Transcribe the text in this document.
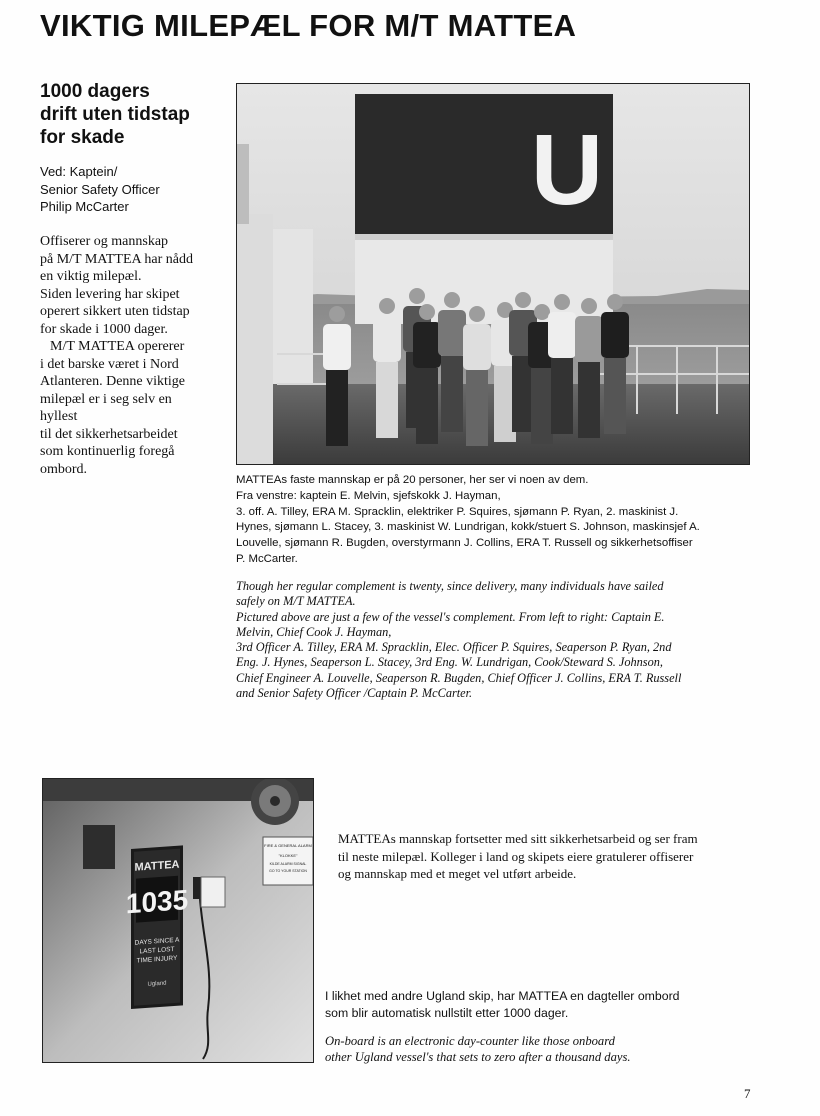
VIKTIG MILEPÆL FOR M/T MATTEA
1000 dagers
drift uten tidstap
for skade
Ved: Kaptein/
Senior Safety Officer
Philip McCarter
Offiserer og mannskap
på M/T MATTEA har nådd
en viktig milepæl.
Siden levering har skipet
operert sikkert uten tidstap
for skade i 1000 dager.
M/T MATTEA opererer
i det barske været i Nord
Atlanteren. Denne viktige
milepæl er i seg selv en
hyllest
til det sikkerhetsarbeidet
som kontinuerlig foregå
ombord.
U
MATTEAs faste mannskap er på 20 personer, her ser vi noen av dem.
Fra venstre: kaptein E. Melvin, sjefskokk J. Hayman,
3. off. A. Tilley, ERA M. Spracklin, elektriker P. Squires, sjømann P. Ryan, 2. maskinist J.
Hynes, sjømann L. Stacey, 3. maskinist W. Lundrigan, kokk/stuert S. Johnson, maskinsjef A.
Louvelle, sjømann R. Bugden, overstyrmann J. Collins, ERA T. Russell og sikkerhetsoffiser
P. McCarter.
Though her regular complement is twenty, since delivery, many individuals have sailed
safely on M/T MATTEA.
Pictured above are just a few of the vessel's complement. From left to right: Captain E.
Melvin, Chief Cook J. Hayman,
3rd Officer A. Tilley, ERA M. Spracklin, Elec. Officer P. Squires, Seaperson P. Ryan, 2nd
Eng. J. Hynes, Seaperson L. Stacey, 3rd Eng. W. Lundrigan, Cook/Steward S. Johnson,
Chief Engineer A. Louvelle, Seaperson R. Bugden, Chief Officer J. Collins, ERA T. Russell
and Senior Safety Officer /Captain P. McCarter.
FIRE & GENERAL ALARM
"KLOKKE"
KILDE ALARM SIGNAL
GO TO YOUR STATION
MATTEA
1035
DAYS SINCE A
LAST LOST
TIME INJURY
Ugland
MATTEAs mannskap fortsetter med sitt sikkerhetsarbeid og ser fram
til neste milepæl. Kolleger i land og skipets eiere gratulerer offiserer
og mannskap med et meget vel utført arbeide.
I likhet med andre Ugland skip, har MATTEA en dagteller ombord
som blir automatisk nullstilt etter 1000 dager.
On-board is an electronic day-counter like those onboard
other Ugland vessel's that sets to zero after a thousand days.
7
